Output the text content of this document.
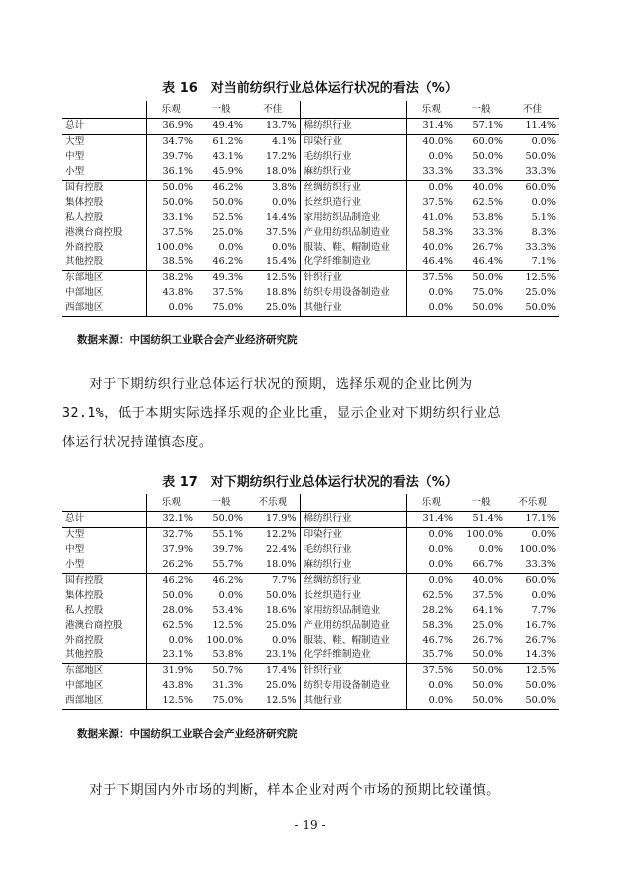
表 16　对当前纺织行业总体运行状况的看法（%）
	乐观	一般	不佳		乐观	一般	不佳
总计	36.9%	49.4%	13.7%	棉纺织行业	31.4%	57.1%	11.4%
大型	34.7%	61.2%	4.1%	印染行业	40.0%	60.0%	0.0%
中型	39.7%	43.1%	17.2%	毛纺织行业	0.0%	50.0%	50.0%
小型	36.1%	45.9%	18.0%	麻纺织行业	33.3%	33.3%	33.3%
国有控股	50.0%	46.2%	3.8%	丝绸纺织行业	0.0%	40.0%	60.0%
集体控股	50.0%	50.0%	0.0%	长丝织造行业	37.5%	62.5%	0.0%
私人控股	33.1%	52.5%	14.4%	家用纺织品制造业	41.0%	53.8%	5.1%
港澳台商控股	37.5%	25.0%	37.5%	产业用纺织品制造业	58.3%	33.3%	8.3%
外商控股	100.0%	0.0%	0.0%	服装、鞋、帽制造业	40.0%	26.7%	33.3%
其他控股	38.5%	46.2%	15.4%	化学纤维制造业	46.4%	46.4%	7.1%
东部地区	38.2%	49.3%	12.5%	针织行业	37.5%	50.0%	12.5%
中部地区	43.8%	37.5%	18.8%	纺织专用设备制造业	0.0%	75.0%	25.0%
西部地区	0.0%	75.0%	25.0%	其他行业	0.0%	50.0%	50.0%
数据来源：中国纺织工业联合会产业经济研究院
　　对于下期纺织行业总体运行状况的预期，选择乐观的企业比例为
32.1%，低于本期实际选择乐观的企业比重，显示企业对下期纺织行业总
体运行状况持谨慎态度。
表 17　对下期纺织行业总体运行状况的看法（%）
	乐观	一般	不乐观		乐观	一般	不乐观
总计	32.1%	50.0%	17.9%	棉纺织行业	31.4%	51.4%	17.1%
大型	32.7%	55.1%	12.2%	印染行业	0.0%	100.0%	0.0%
中型	37.9%	39.7%	22.4%	毛纺织行业	0.0%	0.0%	100.0%
小型	26.2%	55.7%	18.0%	麻纺织行业	0.0%	66.7%	33.3%
国有控股	46.2%	46.2%	7.7%	丝绸纺织行业	0.0%	40.0%	60.0%
集体控股	50.0%	0.0%	50.0%	长丝织造行业	62.5%	37.5%	0.0%
私人控股	28.0%	53.4%	18.6%	家用纺织品制造业	28.2%	64.1%	7.7%
港澳台商控股	62.5%	12.5%	25.0%	产业用纺织品制造业	58.3%	25.0%	16.7%
外商控股	0.0%	100.0%	0.0%	服装、鞋、帽制造业	46.7%	26.7%	26.7%
其他控股	23.1%	53.8%	23.1%	化学纤维制造业	35.7%	50.0%	14.3%
东部地区	31.9%	50.7%	17.4%	针织行业	37.5%	50.0%	12.5%
中部地区	43.8%	31.3%	25.0%	纺织专用设备制造业	0.0%	50.0%	50.0%
西部地区	12.5%	75.0%	12.5%	其他行业	0.0%	50.0%	50.0%
数据来源：中国纺织工业联合会产业经济研究院
　　对于下期国内外市场的判断，样本企业对两个市场的预期比较谨慎。
- 19 -
